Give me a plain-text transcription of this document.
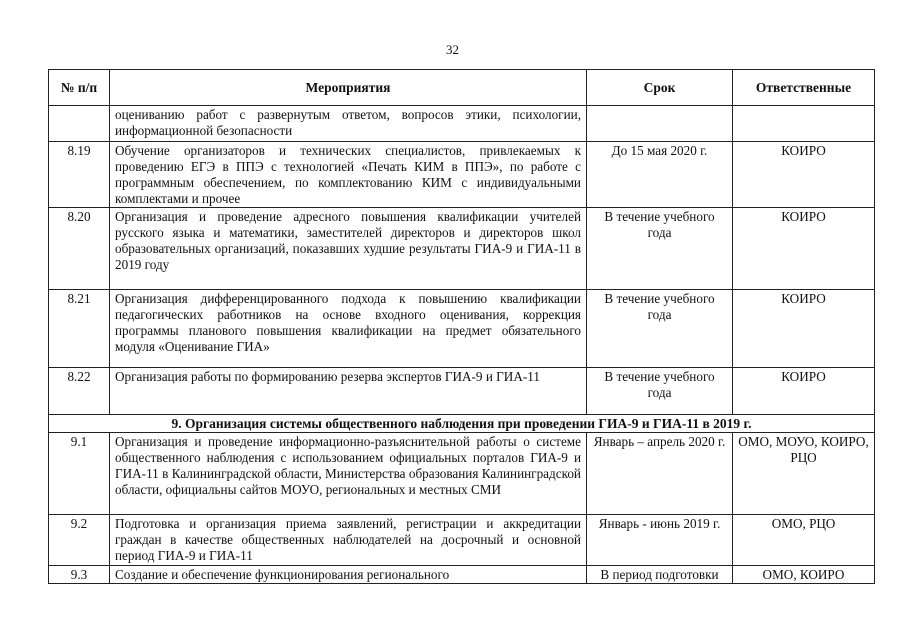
32
№ п/п	Мероприятия	Срок	Ответственные
	оцениванию работ с развернутым ответом, вопросов этики, психологии, информационной безопасности		
8.19	Обучение организаторов и технических специалистов, привлекаемых к проведению ЕГЭ в ППЭ с технологией «Печать КИМ в ППЭ», по работе с программным обеспечением, по комплектованию КИМ с индивидуальными комплектами и прочее	До 15 мая 2020 г.	КОИРО
8.20	Организация и проведение адресного повышения квалификации учителей русского языка и математики, заместителей директоров и директоров школ образовательных организаций, показавших худшие результаты ГИА-9 и ГИА-11 в 2019 году	В течение учебного года	КОИРО
8.21	Организация дифференцированного подхода к повышению квалификации педагогических работников на основе входного оценивания, коррекция программы планового повышения квалификации на предмет обязательного модуля «Оценивание ГИА»	В течение учебного года	КОИРО
8.22	Организация работы по формированию резерва экспертов ГИА-9 и ГИА-11	В течение учебного года	КОИРО
9. Организация системы общественного наблюдения при проведении ГИА-9 и ГИА-11 в 2019 г.			
9.1	Организация и проведение информационно-разъяснительной работы о системе общественного наблюдения с использованием официальных порталов ГИА-9 и ГИА-11 в Калининградской области, Министерства образования Калининградской области, официальны сайтов МОУО, региональных и местных СМИ	Январь – апрель 2020 г.	ОМО, МОУО, КОИРО, РЦО
9.2	Подготовка и организация приема заявлений, регистрации и аккредитации граждан в качестве общественных наблюдателей на досрочный и основной период ГИА-9 и ГИА-11	Январь - июнь 2019 г.	ОМО, РЦО
9.3	Создание и обеспечение функционирования регионального	В период подготовки	ОМО, КОИРО
